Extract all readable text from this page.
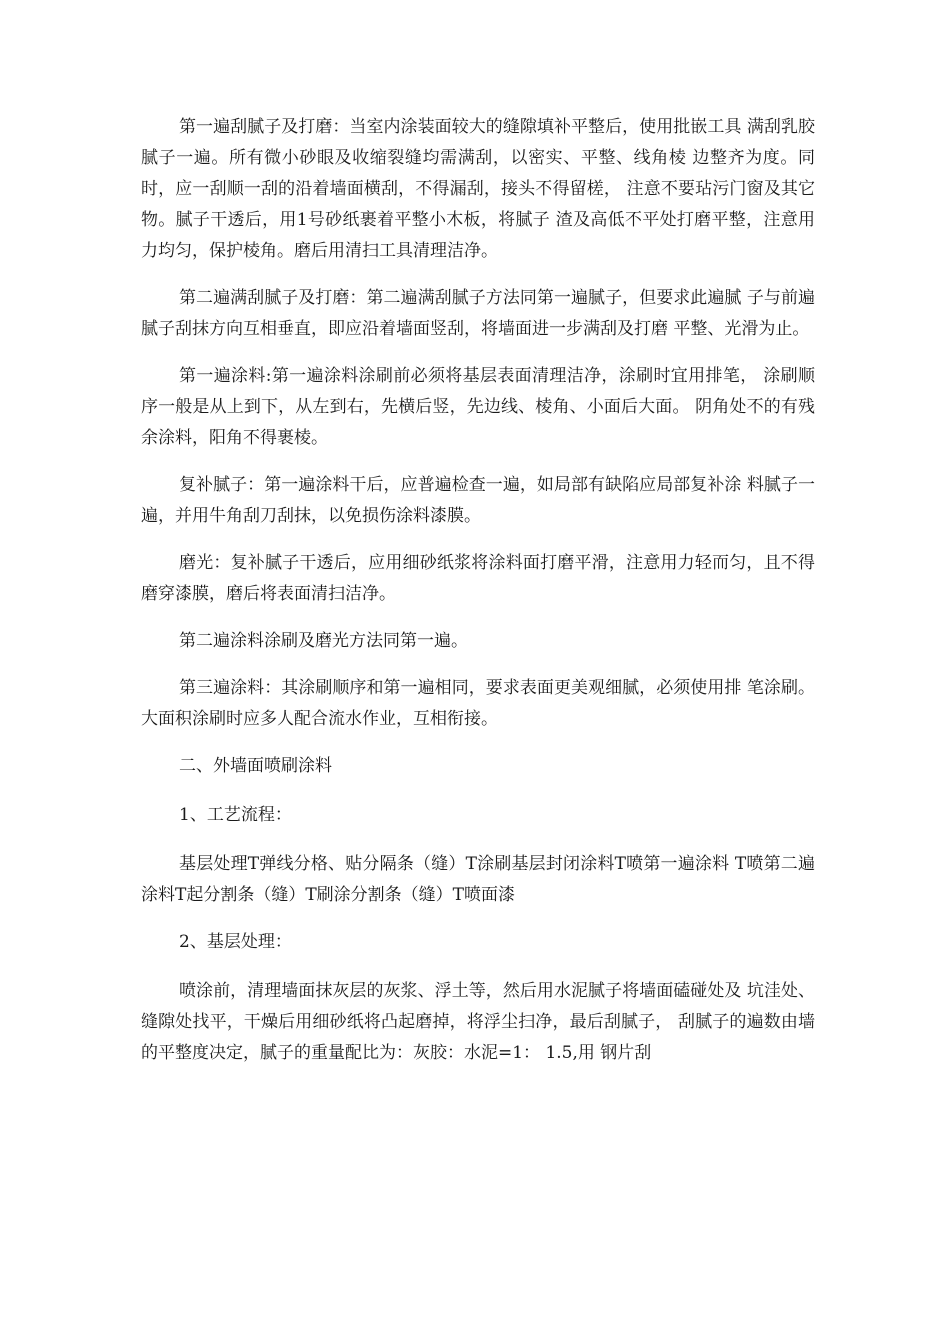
第一遍刮腻子及打磨：当室内涂装面较大的缝隙填补平整后，使用批嵌工具 满刮乳胶腻子一遍。所有微小砂眼及收缩裂缝均需满刮，以密实、平整、线角棱 边整齐为度。同时，应一刮顺一刮的沿着墙面横刮，不得漏刮，接头不得留槎， 注意不要玷污门窗及其它物。腻子干透后，用1号砂纸裹着平整小木板，将腻子 渣及高低不平处打磨平整，注意用力均匀，保护棱角。磨后用清扫工具清理洁净。

第二遍满刮腻子及打磨：第二遍满刮腻子方法同第一遍腻子，但要求此遍腻 子与前遍腻子刮抹方向互相垂直，即应沿着墙面竖刮，将墙面进一步满刮及打磨 平整、光滑为止。

第一遍涂料:第一遍涂料涂刷前必须将基层表面清理洁净，涂刷时宜用排笔， 涂刷顺序一般是从上到下，从左到右，先横后竖，先边线、棱角、小面后大面。 阴角处不的有残余涂料，阳角不得裹棱。

复补腻子：第一遍涂料干后，应普遍检查一遍，如局部有缺陷应局部复补涂 料腻子一遍，并用牛角刮刀刮抹，以免损伤涂料漆膜。

磨光：复补腻子干透后，应用细砂纸浆将涂料面打磨平滑，注意用力轻而匀，且不得磨穿漆膜，磨后将表面清扫洁净。

第二遍涂料涂刷及磨光方法同第一遍。

第三遍涂料：其涂刷顺序和第一遍相同，要求表面更美观细腻，必须使用排 笔涂刷。大面积涂刷时应多人配合流水作业，互相衔接。

二、外墙面喷刷涂料

1、工艺流程：

基层处理T弹线分格、贴分隔条（缝）T涂刷基层封闭涂料T喷第一遍涂料 T喷第二遍涂料T起分割条（缝）T刷涂分割条（缝）T喷面漆

2、基层处理：

喷涂前，清理墙面抹灰层的灰浆、浮土等，然后用水泥腻子将墙面磕碰处及 坑洼处、缝隙处找平，干燥后用细砂纸将凸起磨掉，将浮尘扫净，最后刮腻子， 刮腻子的遍数由墙的平整度决定，腻子的重量配比为：灰胶：水泥=1： 1.5,用 钢片刮
